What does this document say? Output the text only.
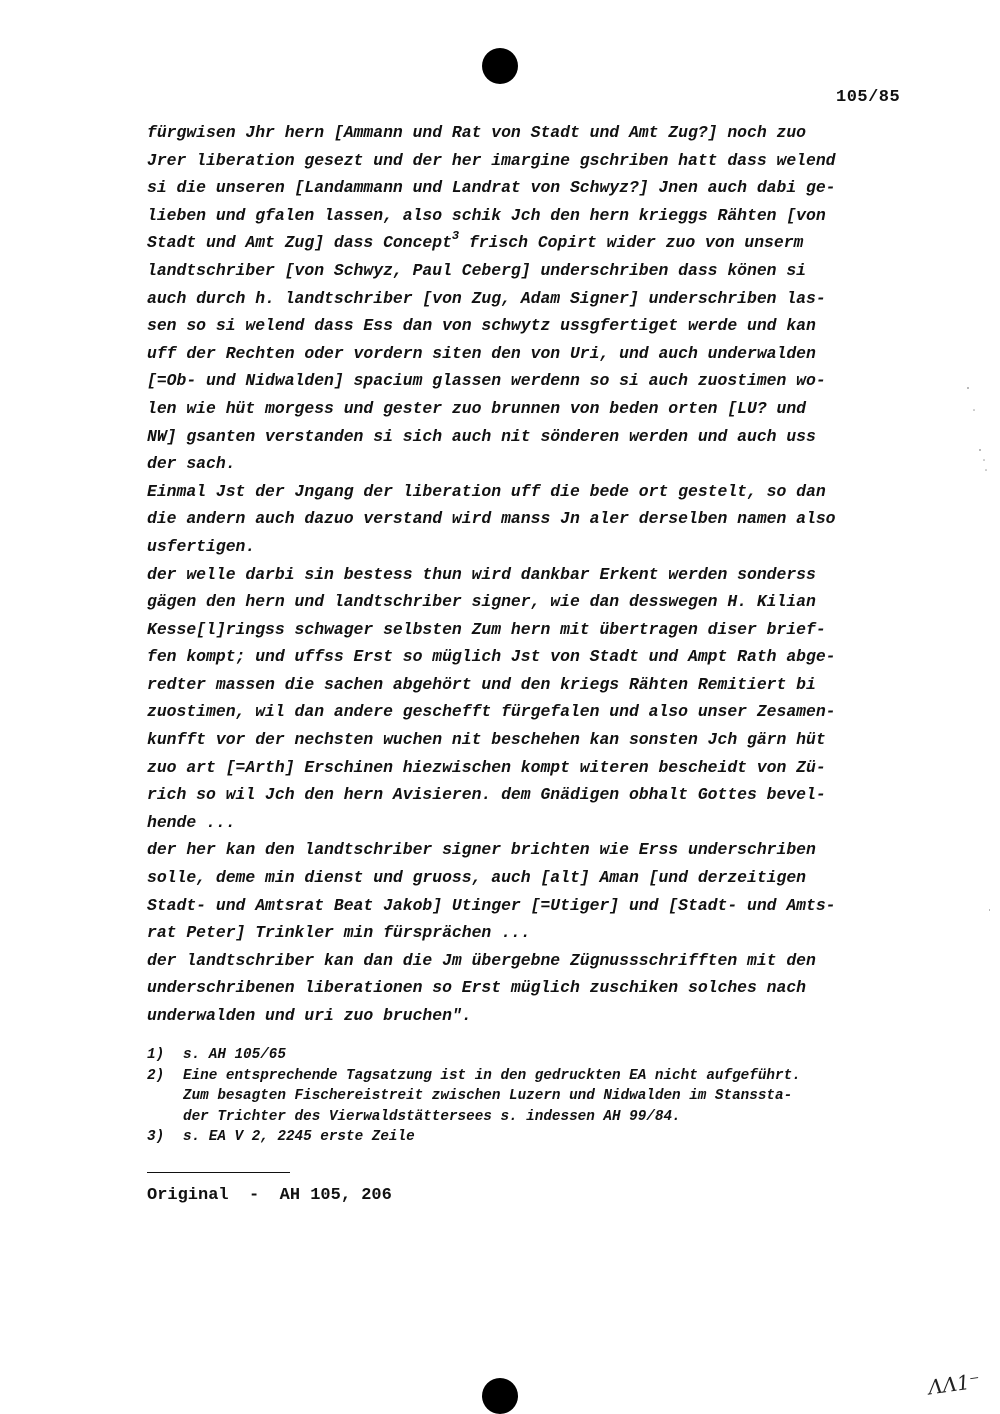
105/85
fürgwisen Jhr hern [Ammann und Rat von Stadt und Amt Zug?] noch zuo
Jrer liberation gesezt und der her imargine gschriben hatt dass welend
si die unseren [Landammann und Landrat von Schwyz?] Jnen auch dabi ge-
lieben und gfalen lassen, also schik Jch den hern krieggs Rähten [von
Stadt und Amt Zug] dass Concept$^3$ frisch Copirt wider zuo von unserm
landtschriber [von Schwyz, Paul Ceberg] underschriben dass könen si
auch durch h. landtschriber [von Zug, Adam Signer] underschriben las-
sen so si welend dass Ess dan von schwytz ussgfertiget werde und kan
uff der Rechten oder vordern siten den von Uri, und auch underwalden
[=Ob- und Nidwalden] spacium glassen werdenn so si auch zuostimen wo-
len wie hüt morgess und gester zuo brunnen von beden orten [LU? und
NW] gsanten verstanden si sich auch nit sönderen werden und auch uss
der sach.
Einmal Jst der Jngang der liberation uff die bede ort gestelt, so dan
die andern auch dazuo verstand wird manss Jn aler derselben namen also
usfertigen.
der welle darbi sin bestess thun wird dankbar Erkent werden sonderss
gägen den hern und landtschriber signer, wie dan desswegen H. Kilian
Kesse[l]ringss schwager selbsten Zum hern mit übertragen diser brief-
fen kompt; und uffss Erst so müglich Jst von Stadt und Ampt Rath abge-
redter massen die sachen abgehört und den kriegs Rähten Remitiert bi
zuostimen, wil dan andere geschefft fürgefalen und also unser Zesamen-
kunfft vor der nechsten wuchen nit beschehen kan sonsten Jch gärn hüt
zuo art [=Arth] Erschinen hiezwischen kompt witeren bescheidt von Zü-
rich so wil Jch den hern Avisieren. dem Gnädigen obhalt Gottes bevel-
hende ...
der her kan den landtschriber signer brichten wie Erss underschriben
solle, deme min dienst und gruoss, auch [alt] Aman [und derzeitigen
Stadt- und Amtsrat Beat Jakob] Utinger [=Utiger] und [Stadt- und Amts-
rat Peter] Trinkler min fürsprächen ...
der landtschriber kan dan die Jm übergebne Zügnussschrifften mit den
underschribenen liberationen so Erst müglich zuschiken solches nach
underwalden und uri zuo bruchen".
1) s. AH 105/65
2) Eine entsprechende Tagsatzung ist in den gedruckten EA nicht aufgeführt.
Zum besagten Fischereistreit zwischen Luzern und Nidwalden im Stanssta-
der Trichter des Vierwaldstättersees s. indessen AH 99/84.
3) s. EA V 2, 2245 erste Zeile
Original  -  AH 105, 206
ΛΛ1⁻
